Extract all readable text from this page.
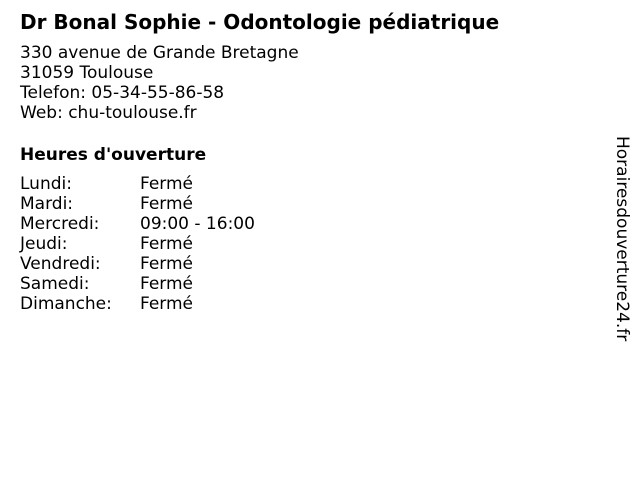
Dr Bonal Sophie - Odontologie pédiatrique
330 avenue de Grande Bretagne
31059 Toulouse
Telefon: 05-34-55-86-58
Web: chu-toulouse.fr
Heures d'ouverture
Lundi:	Fermé
Mardi:	Fermé
Mercredi:	09:00 - 16:00
Jeudi:	Fermé
Vendredi:	Fermé
Samedi:	Fermé
Dimanche:	Fermé	Horairesdouverture24.fr
